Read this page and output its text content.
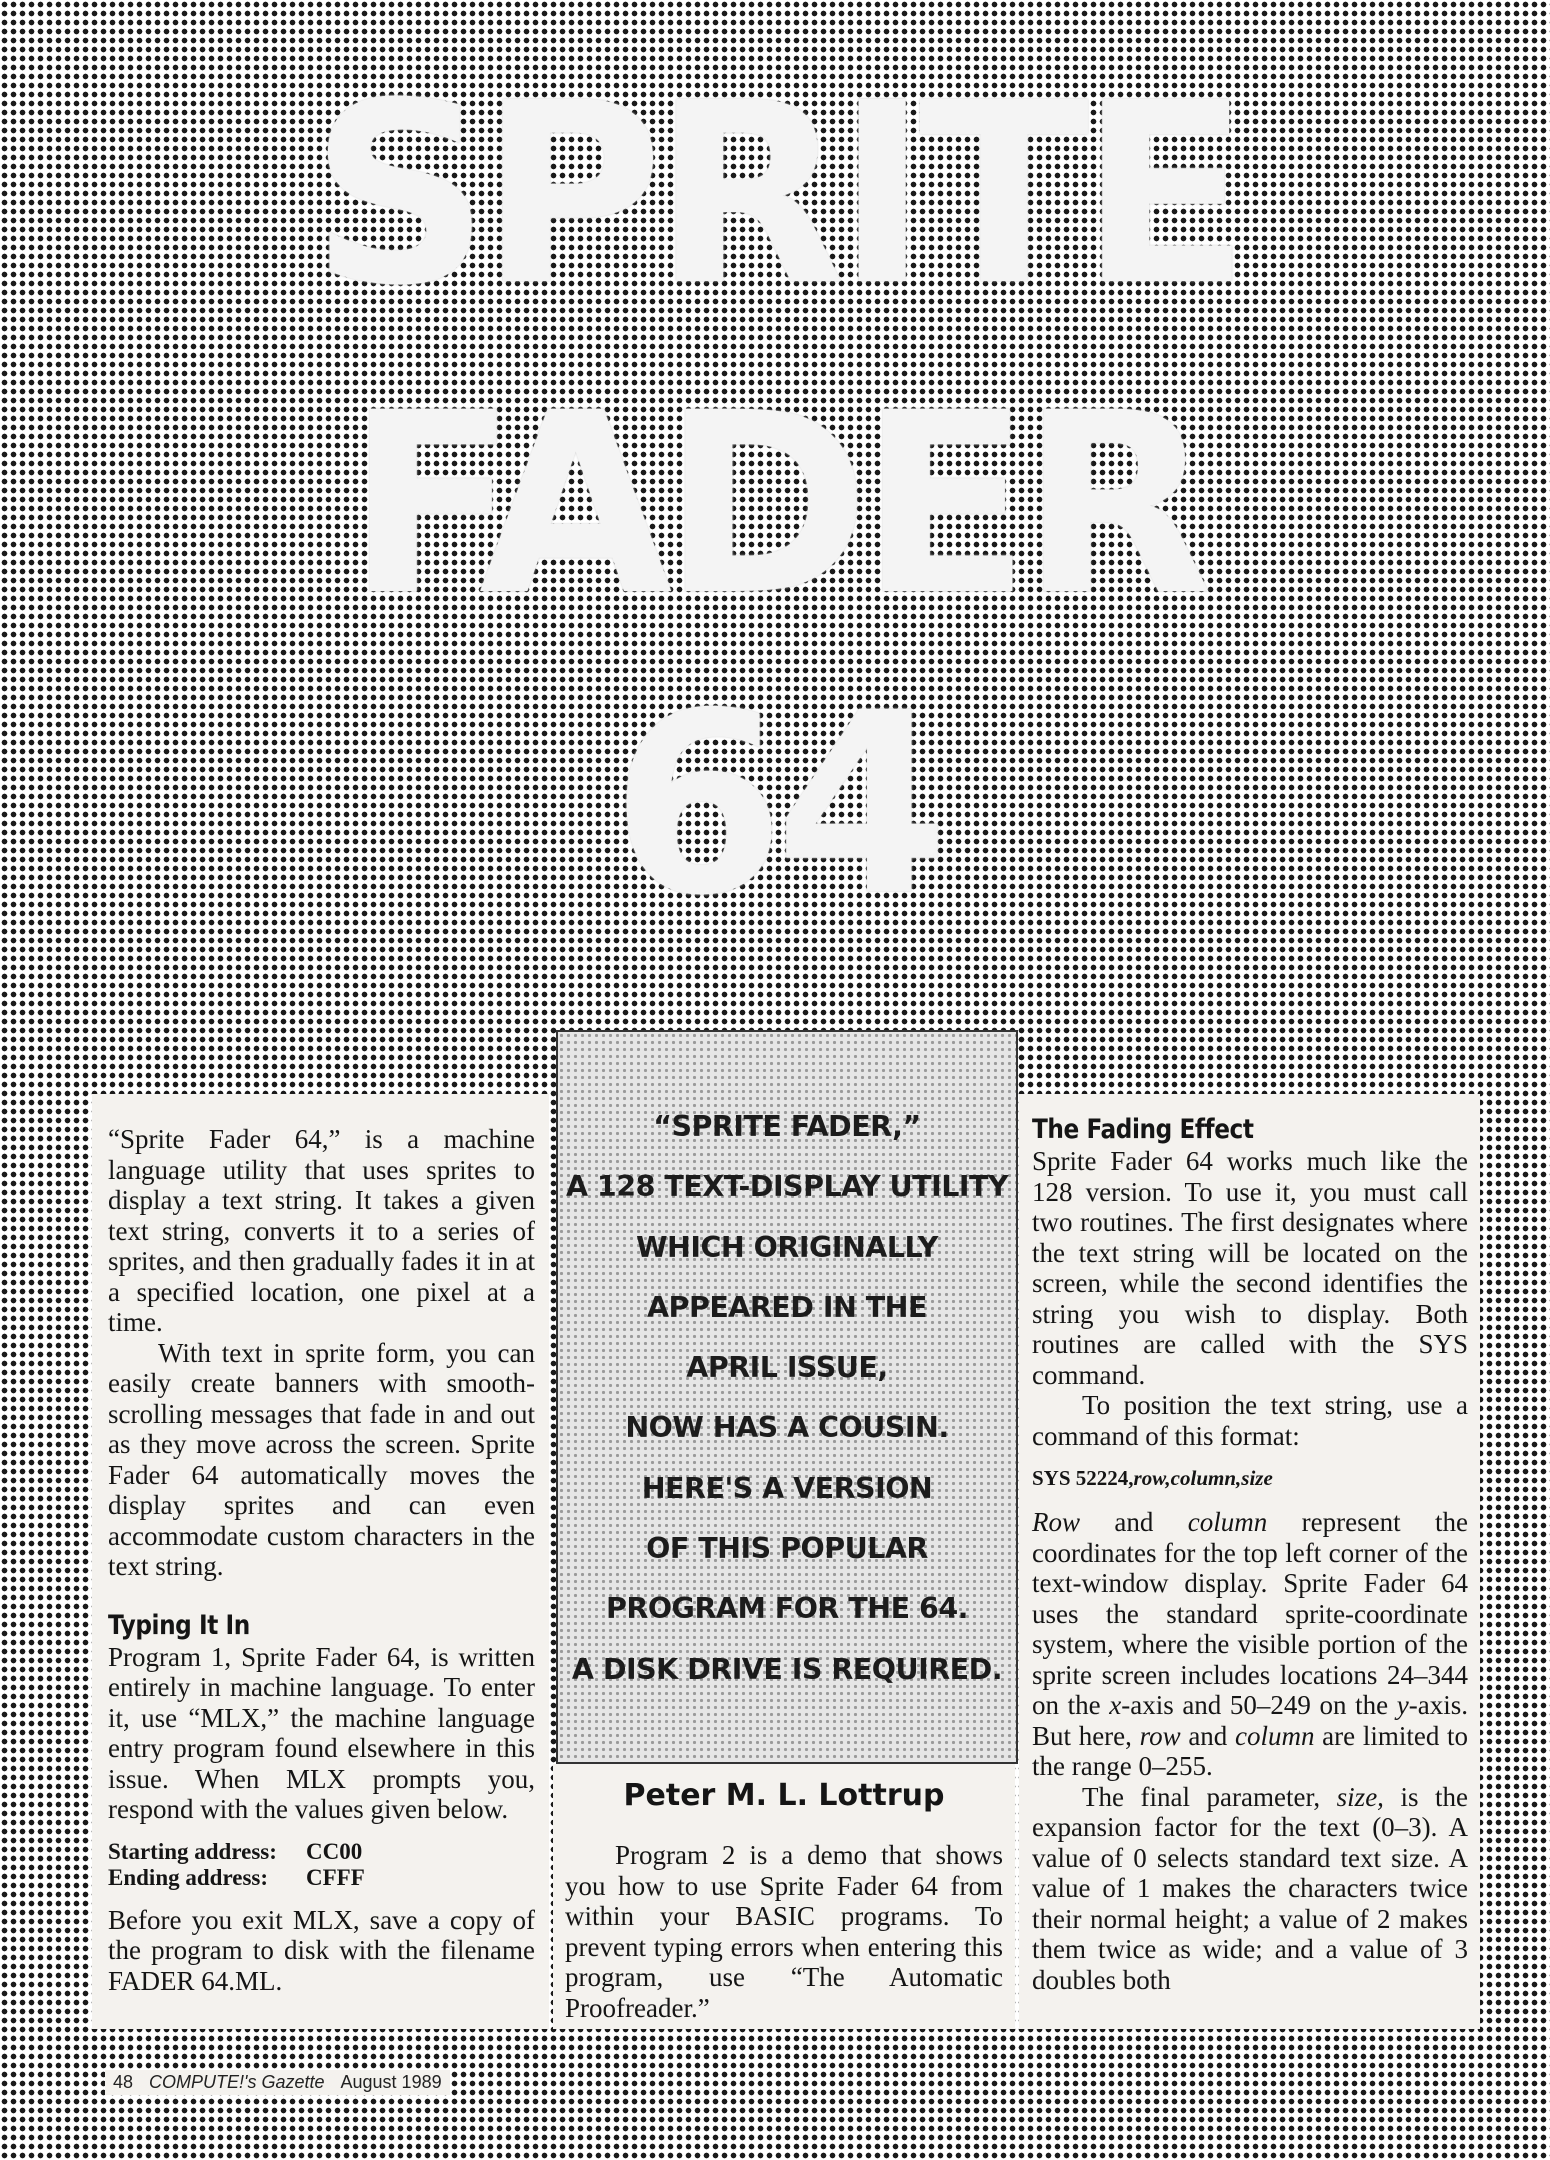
SPRITE
FADER
64

“Sprite Fader 64,” is a machine language utility that uses sprites to display a text string. It takes a given text string, converts it to a series of sprites, and then gradually fades it in at a specified location, one pixel at a time.

With text in sprite form, you can easily create banners with smooth-scrolling messages that fade in and out as they move across the screen. Sprite Fader 64 automatically moves the display sprites and can even accommodate custom characters in the text string.

Typing It In

Program 1, Sprite Fader 64, is written entirely in machine language. To enter it, use “MLX,” the machine language entry program found elsewhere in this issue. When MLX prompts you, respond with the values given below.

Starting address: CC00
Ending address: CFFF

Before you exit MLX, save a copy of the program to disk with the filename FADER 64.ML.

“SPRITE FADER,”
A 128 TEXT-DISPLAY UTILITY
WHICH ORIGINALLY
APPEARED IN THE
APRIL ISSUE,
NOW HAS A COUSIN.
HERE'S A VERSION
OF THIS POPULAR
PROGRAM FOR THE 64.
A DISK DRIVE IS REQUIRED.
Peter M. L. Lottrup

Program 2 is a demo that shows you how to use Sprite Fader 64 from within your BASIC programs. To prevent typing errors when entering this program, use “The Automatic Proofreader.”

The Fading Effect

Sprite Fader 64 works much like the 128 version. To use it, you must call two routines. The first designates where the text string will be located on the screen, while the second identifies the string you wish to display. Both routines are called with the SYS command.

To position the text string, use a command of this format:

SYS 52224,row,column,size

Row and column represent the coordinates for the top left corner of the text-window display. Sprite Fader 64 uses the standard sprite-coordinate system, where the visible portion of the sprite screen includes locations 24–344 on the x-axis and 50–249 on the y-axis. But here, row and column are limited to the range 0–255.

The final parameter, size, is the expansion factor for the text (0–3). A value of 0 selects standard text size. A value of 1 makes the characters twice their normal height; a value of 2 makes them twice as wide; and a value of 3 doubles both

48 COMPUTE!'s Gazette August 1989
